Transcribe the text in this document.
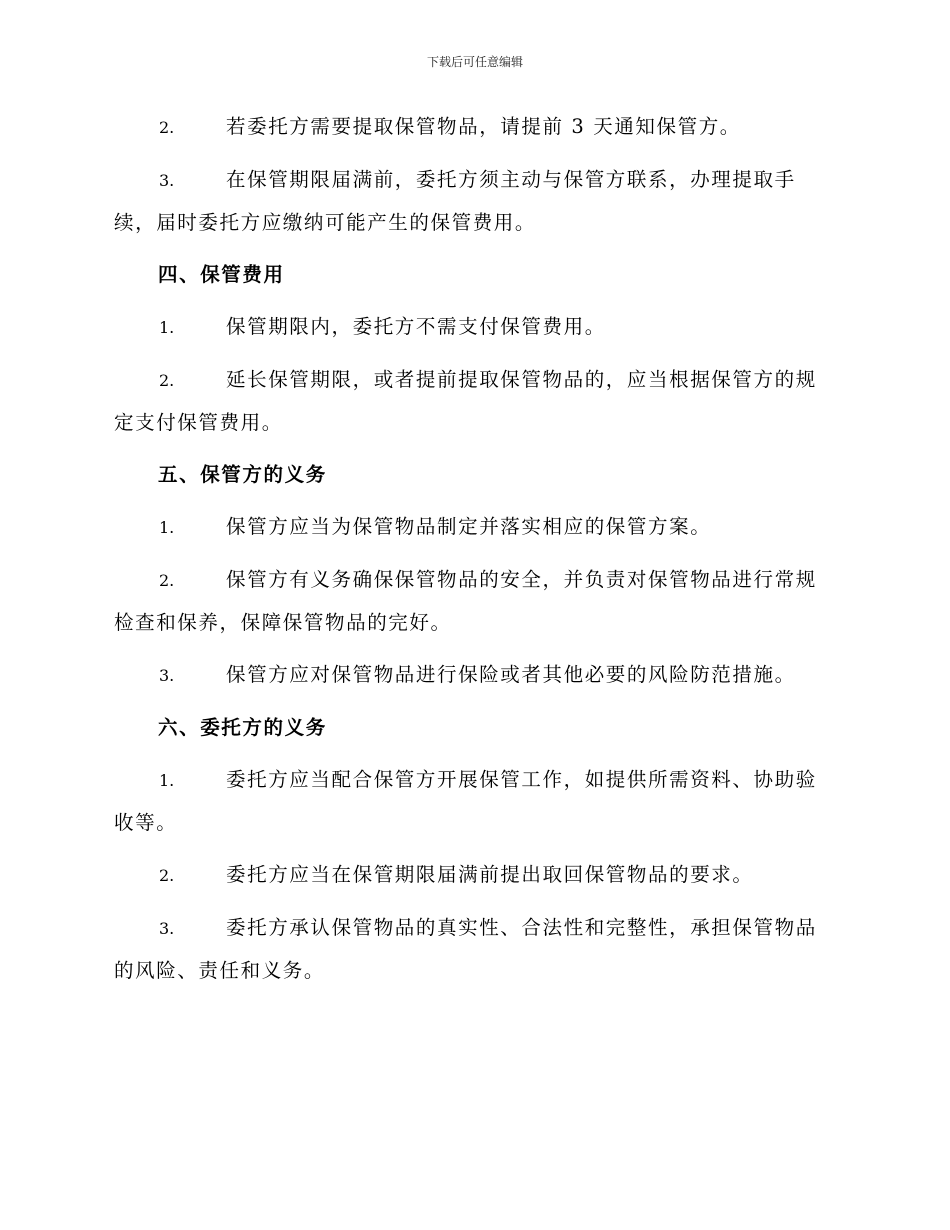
下载后可任意编辑

2.	若委托方需要提取保管物品，请提前 3 天通知保管方。

3.	在保管期限届满前，委托方须主动与保管方联系，办理提取手续，届时委托方应缴纳可能产生的保管费用。

四、保管费用

1.	保管期限内，委托方不需支付保管费用。

2.	延长保管期限，或者提前提取保管物品的，应当根据保管方的规定支付保管费用。

五、保管方的义务

1.	保管方应当为保管物品制定并落实相应的保管方案。

2.	保管方有义务确保保管物品的安全，并负责对保管物品进行常规检查和保养，保障保管物品的完好。

3.	保管方应对保管物品进行保险或者其他必要的风险防范措施。

六、委托方的义务

1.	委托方应当配合保管方开展保管工作，如提供所需资料、协助验收等。

2.	委托方应当在保管期限届满前提出取回保管物品的要求。

3.	委托方承认保管物品的真实性、合法性和完整性，承担保管物品的风险、责任和义务。
